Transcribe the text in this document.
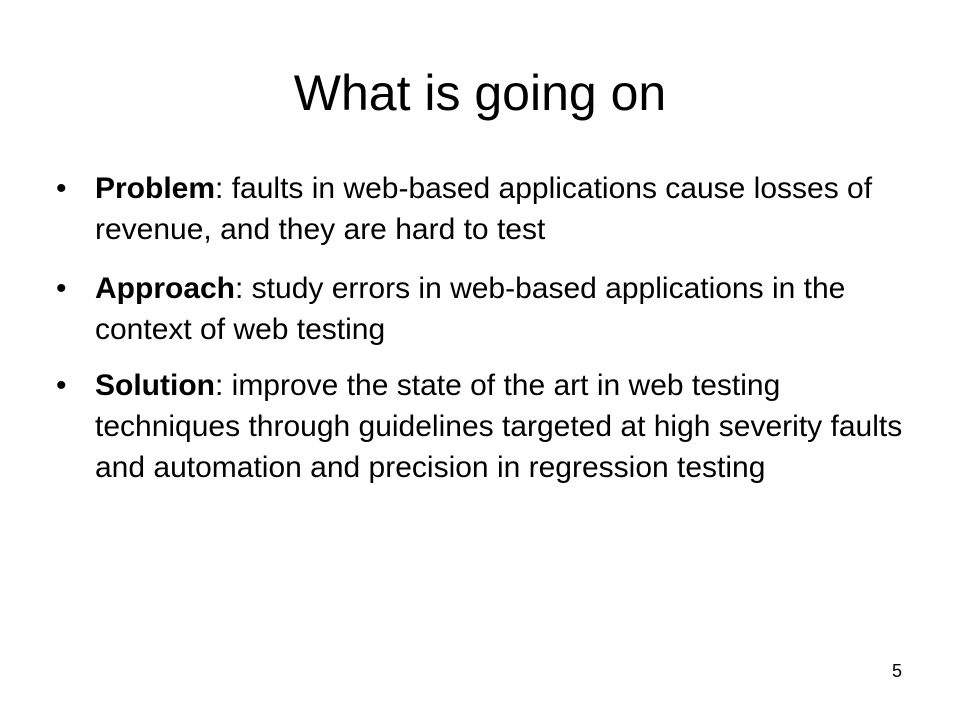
What is going on
• Problem: faults in web-based applications cause losses of revenue, and they are hard to test
• Approach: study errors in web-based applications in the context of web testing
• Solution: improve the state of the art in web testing techniques through guidelines targeted at high severity faults and automation and precision in regression testing
5
